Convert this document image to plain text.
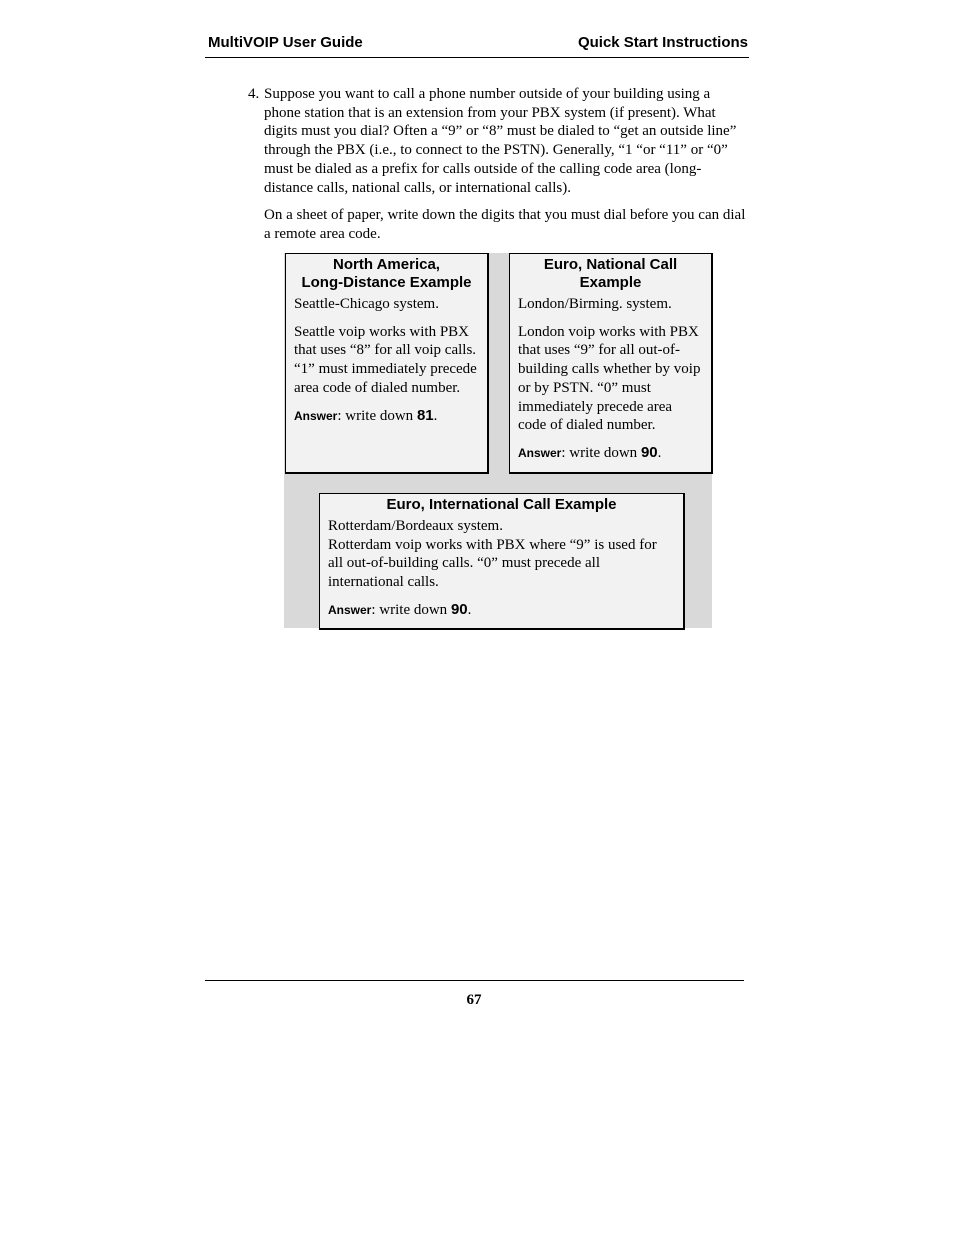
MultiVOIP User Guide	Quick Start Instructions
4. Suppose you want to call a phone number outside of your building using a phone station that is an extension from your PBX system (if present). What digits must you dial? Often a “9” or “8” must be dialed to “get an outside line” through the PBX (i.e., to connect to the PSTN). Generally, “1 “or “11” or “0” must be dialed as a prefix for calls outside of the calling code area (long-distance calls, national calls, or international calls).
On a sheet of paper, write down the digits that you must dial before you can dial a remote area code.
North America,
Long-Distance Example

Seattle-Chicago system.

Seattle voip works with PBX that uses “8” for all voip calls. “1” must immediately precede area code of dialed number.

Answer: write down 81.

Euro, National Call
Example

London/Birming. system.

London voip works with PBX that uses “9” for all out-of-building calls whether by voip or by PSTN. “0” must immediately precede area code of dialed number.

Answer: write down 90.

Euro, International Call Example

Rotterdam/Bordeaux system.

Rotterdam voip works with PBX where “9” is used for all out-of-building calls. “0” must precede all international calls.

Answer: write down 90.

67
